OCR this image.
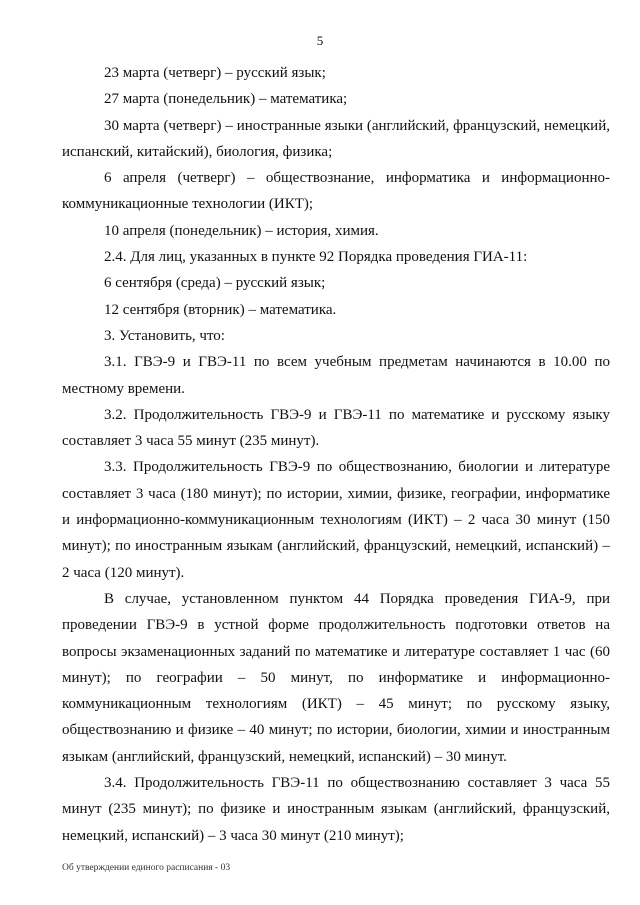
5

23 марта (четверг) – русский язык;

27 марта (понедельник) – математика;

30 марта (четверг) – иностранные языки (английский, французский, немецкий, испанский, китайский), биология, физика;

6 апреля (четверг) – обществознание, информатика и информационно-коммуникационные технологии (ИКТ);

10 апреля (понедельник) – история, химия.

2.4. Для лиц, указанных в пункте 92 Порядка проведения ГИА-11:

6 сентября (среда) – русский язык;

12 сентября (вторник) – математика.

3. Установить, что:

3.1. ГВЭ-9 и ГВЭ-11 по всем учебным предметам начинаются в 10.00 по местному времени.

3.2. Продолжительность ГВЭ-9 и ГВЭ-11 по математике и русскому языку составляет 3 часа 55 минут (235 минут).

3.3. Продолжительность ГВЭ-9 по обществознанию, биологии и литературе составляет 3 часа (180 минут); по истории, химии, физике, географии, информатике и информационно-коммуникационным технологиям (ИКТ) – 2 часа 30 минут (150 минут); по иностранным языкам (английский, французский, немецкий, испанский) – 2 часа (120 минут).

В случае, установленном пунктом 44 Порядка проведения ГИА-9, при проведении ГВЭ-9 в устной форме продолжительность подготовки ответов на вопросы экзаменационных заданий по математике и литературе составляет 1 час (60 минут); по географии – 50 минут, по информатике и информационно-коммуникационным технологиям (ИКТ) – 45 минут; по русскому языку, обществознанию и физике – 40 минут; по истории, биологии, химии и иностранным языкам (английский, французский, немецкий, испанский) – 30 минут.

3.4. Продолжительность ГВЭ-11 по обществознанию составляет 3 часа 55 минут (235 минут); по физике и иностранным языкам (английский, французский, немецкий, испанский) – 3 часа 30 минут (210 минут);

Об утверждении единого расписания - 03
